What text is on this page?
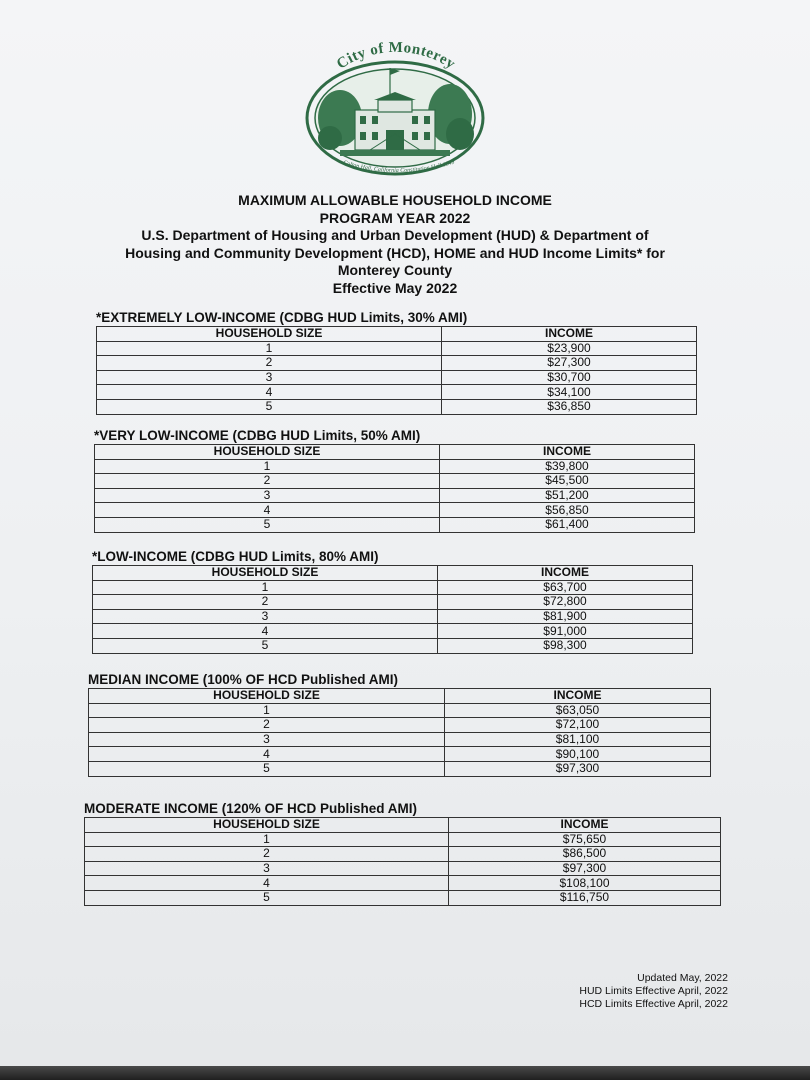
City of Monterey
Colton Hall, California Constitution Hall 1849
MAXIMUM ALLOWABLE HOUSEHOLD INCOME
PROGRAM YEAR 2022
U.S. Department of Housing and Urban Development (HUD) & Department of
Housing and Community Development (HCD), HOME and HUD Income Limits* for
Monterey County
Effective May 2022
*EXTREMELY LOW-INCOME (CDBG HUD Limits, 30% AMI)
HOUSEHOLD SIZE	INCOME
1	$23,900
2	$27,300
3	$30,700
4	$34,100
5	$36,850
*VERY LOW-INCOME (CDBG HUD Limits, 50% AMI)
HOUSEHOLD SIZE	INCOME
1	$39,800
2	$45,500
3	$51,200
4	$56,850
5	$61,400
*LOW-INCOME (CDBG HUD Limits, 80% AMI)
HOUSEHOLD SIZE	INCOME
1	$63,700
2	$72,800
3	$81,900
4	$91,000
5	$98,300
MEDIAN INCOME (100% OF HCD Published AMI)
HOUSEHOLD SIZE	INCOME
1	$63,050
2	$72,100
3	$81,100
4	$90,100
5	$97,300
MODERATE INCOME (120% OF HCD Published AMI)
HOUSEHOLD SIZE	INCOME
1	$75,650
2	$86,500
3	$97,300
4	$108,100
5	$116,750
Updated May, 2022
HUD Limits Effective April, 2022
HCD Limits Effective April, 2022
